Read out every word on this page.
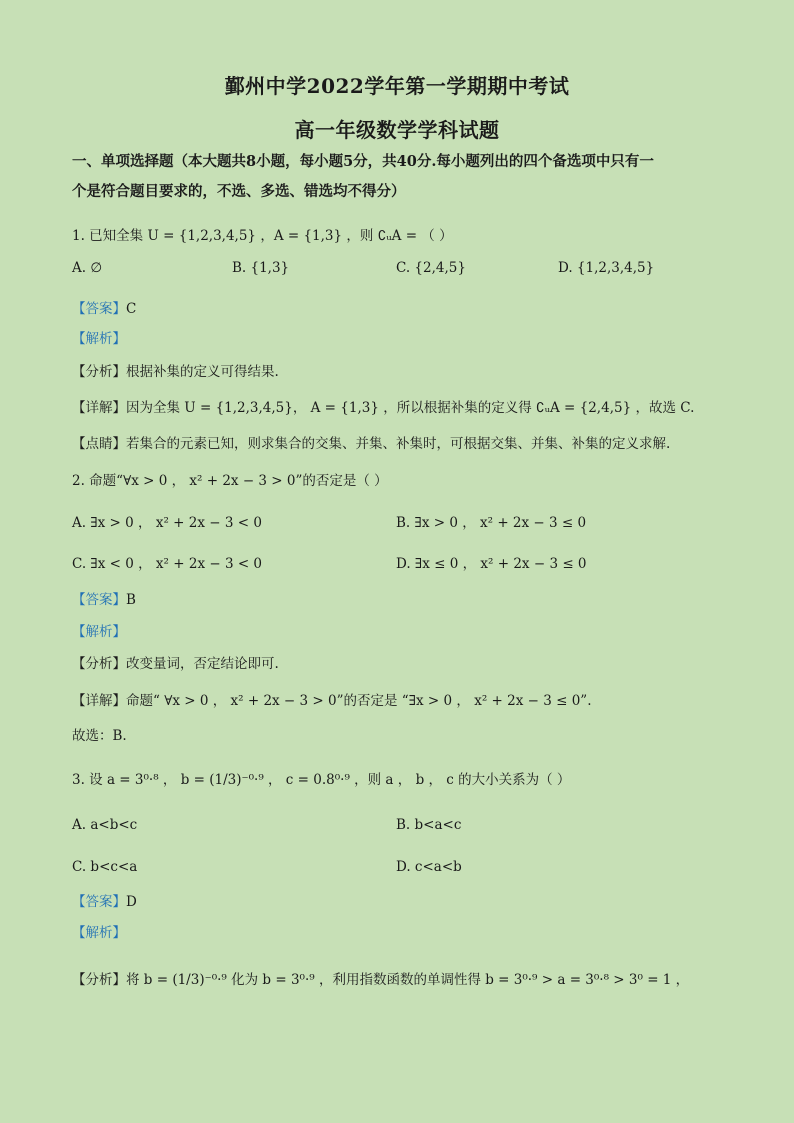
鄞州中学2022学年第一学期期中考试
高一年级数学学科试题
一、单项选择题（本大题共8小题，每小题5分，共40分.每小题列出的四个备选项中只有一
个是符合题目要求的，不选、多选、错选均不得分）
1. 已知全集 U = {1,2,3,4,5} ，A = {1,3} ，则 ∁ᵤA = （ ）
A. ∅	B. {1,3}	C. {2,4,5}	D. {1,2,3,4,5}
【答案】C
【解析】
【分析】根据补集的定义可得结果.
【详解】因为全集 U = {1,2,3,4,5}， A = {1,3} ，所以根据补集的定义得 ∁ᵤA = {2,4,5} ，故选 C.
【点睛】若集合的元素已知，则求集合的交集、并集、补集时，可根据交集、并集、补集的定义求解.
2. 命题“∀x > 0 ， x² + 2x − 3 > 0”的否定是（ ）
A. ∃x > 0 ， x² + 2x − 3 < 0	B. ∃x > 0 ， x² + 2x − 3 ≤ 0
C. ∃x < 0 ， x² + 2x − 3 < 0	D. ∃x ≤ 0 ， x² + 2x − 3 ≤ 0
【答案】B
【解析】
【分析】改变量词，否定结论即可.
【详解】命题“ ∀x > 0 ， x² + 2x − 3 > 0”的否定是 “∃x > 0 ， x² + 2x − 3 ≤ 0”.
故选：B.
3. 设 a = 3⁰·⁸ ， b = (1/3)⁻⁰·⁹ ， c = 0.8⁰·⁹ ，则 a ， b ， c 的大小关系为（ ）
A. a<b<c	B. b<a<c
C. b<c<a	D. c<a<b
【答案】D
【解析】
【分析】将 b = (1/3)⁻⁰·⁹ 化为 b = 3⁰·⁹ ，利用指数函数的单调性得 b = 3⁰·⁹ > a = 3⁰·⁸ > 3⁰ = 1 ，
